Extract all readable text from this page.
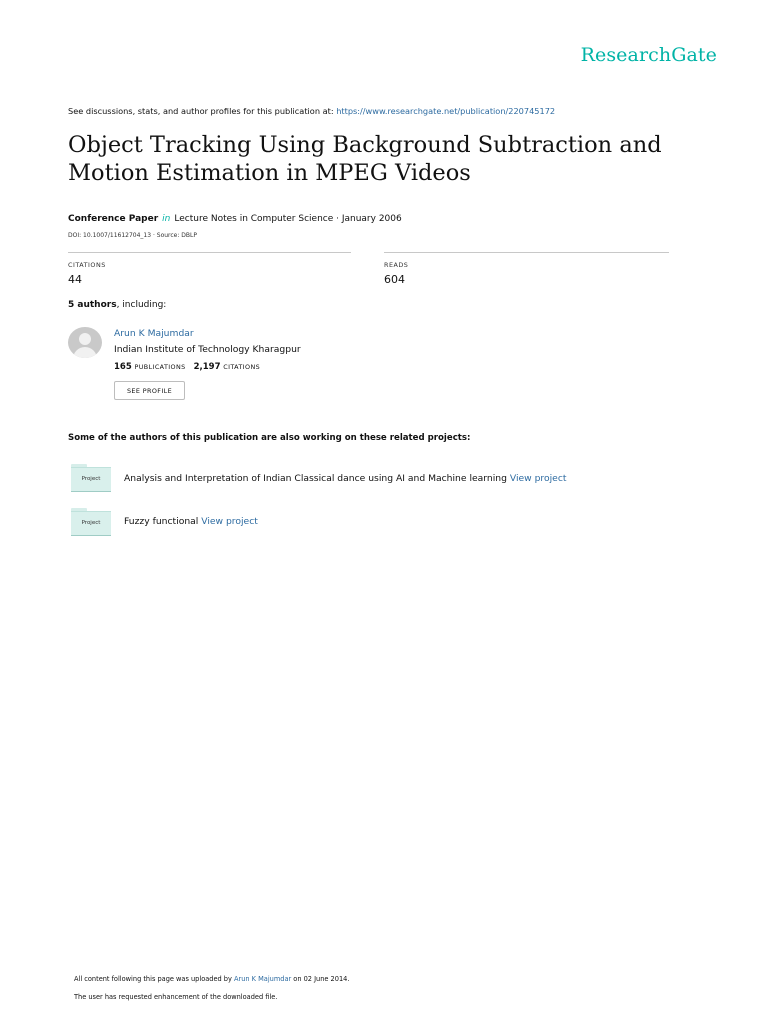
ResearchGate
See discussions, stats, and author profiles for this publication at: https://www.researchgate.net/publication/220745172
Object Tracking Using Background Subtraction and Motion Estimation in MPEG Videos
Conference Paper in Lecture Notes in Computer Science · January 2006
DOI: 10.1007/11612704_13 · Source: DBLP
CITATIONS
44
READS
604
5 authors, including:
Arun K Majumdar
Indian Institute of Technology Kharagpur
165 PUBLICATIONS 2,197 CITATIONS
SEE PROFILE
Some of the authors of this publication are also working on these related projects:
Project	Analysis and Interpretation of Indian Classical dance using AI and Machine learning View project
Project	Fuzzy functional View project
All content following this page was uploaded by Arun K Majumdar on 02 June 2014.
The user has requested enhancement of the downloaded file.
